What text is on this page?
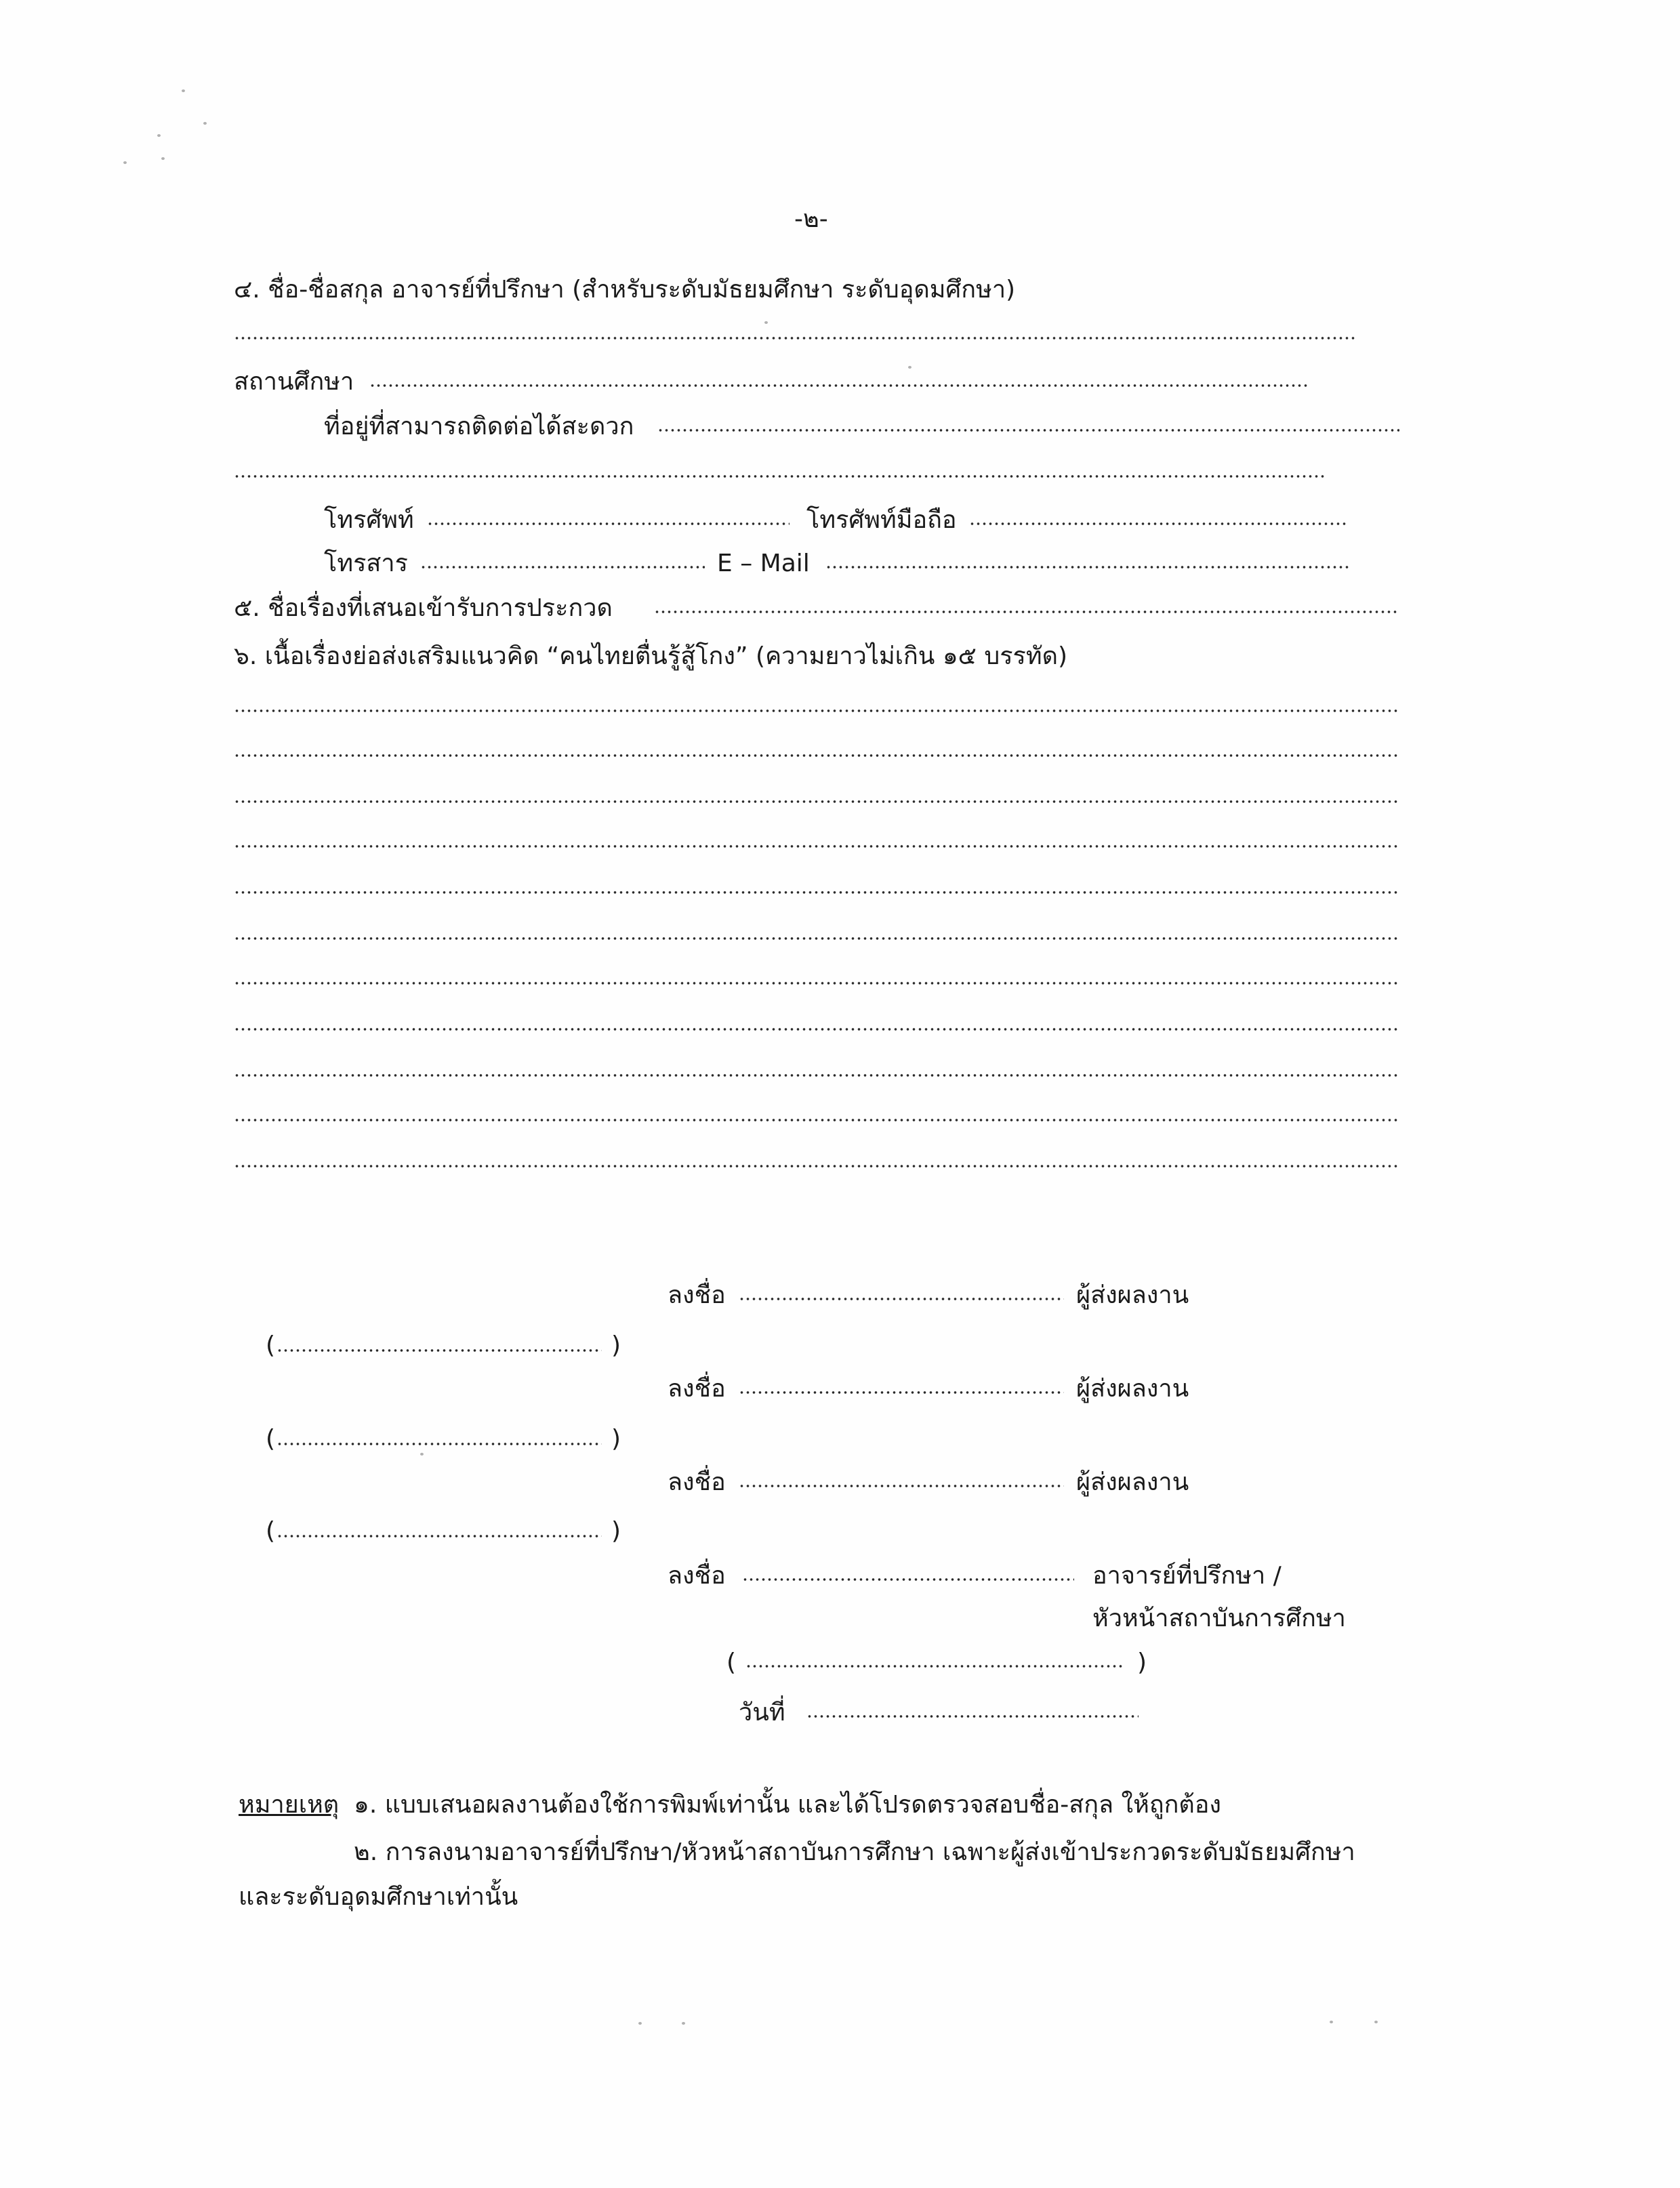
-๒-
๔. ชื่อ-ชื่อสกุล อาจารย์ที่ปรึกษา (สำหรับระดับมัธยมศึกษา ระดับอุดมศึกษา)
สถานศึกษา
ที่อยู่ที่สามารถติดต่อได้สะดวก
โทรศัพท์	โทรศัพท์มือถือ
โทรสาร	E – Mail
๕. ชื่อเรื่องที่เสนอเข้ารับการประกวด
๖. เนื้อเรื่องย่อส่งเสริมแนวคิด “คนไทยตื่นรู้สู้โกง” (ความยาวไม่เกิน ๑๕ บรรทัด)
ลงชื่อ	ผู้ส่งผลงาน
(	)
ลงชื่อ	ผู้ส่งผลงาน
(	)
ลงชื่อ	ผู้ส่งผลงาน
(	)
ลงชื่อ	อาจารย์ที่ปรึกษา /
หัวหน้าสถาบันการศึกษา
(	)
วันที่
หมายเหตุ ๑. แบบเสนอผลงานต้องใช้การพิมพ์เท่านั้น และได้โปรดตรวจสอบชื่อ-สกุล ให้ถูกต้อง
๒. การลงนามอาจารย์ที่ปรึกษา/หัวหน้าสถาบันการศึกษา เฉพาะผู้ส่งเข้าประกวดระดับมัธยมศึกษา
และระดับอุดมศึกษาเท่านั้น
